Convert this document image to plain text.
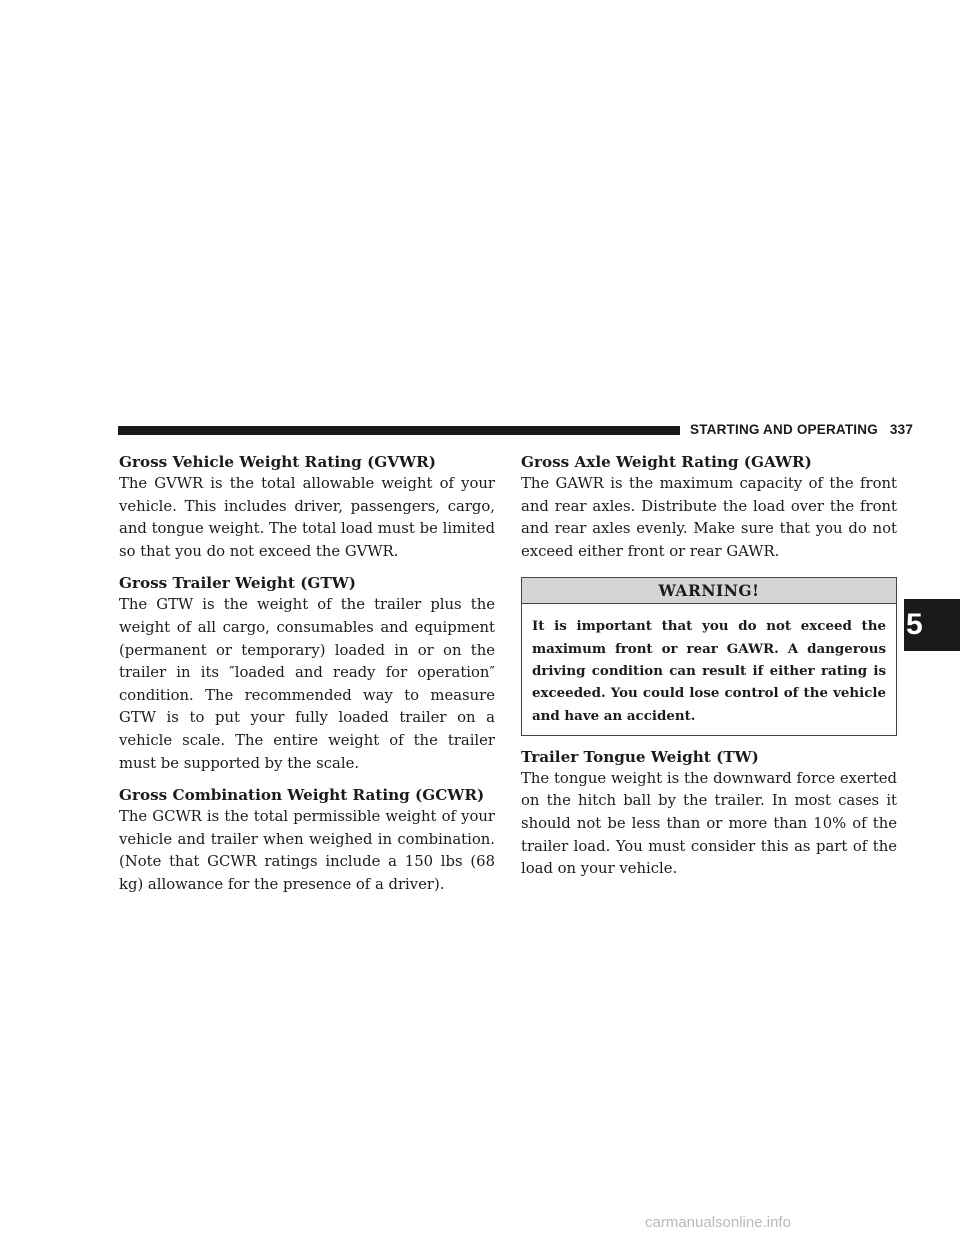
STARTING AND OPERATING 337
Gross Vehicle Weight Rating (GVWR)

The GVWR is the total allowable weight of your vehicle. This includes driver, passengers, cargo, and tongue weight. The total load must be limited so that you do not exceed the GVWR.

Gross Trailer Weight (GTW)

The GTW is the weight of the trailer plus the weight of all cargo, consumables and equipment (permanent or temporary) loaded in or on the trailer in its ″loaded and ready for operation″ condition. The recommended way to measure GTW is to put your fully loaded trailer on a vehicle scale. The entire weight of the trailer must be supported by the scale.

Gross Combination Weight Rating (GCWR)

The GCWR is the total permissible weight of your vehicle and trailer when weighed in combination. (Note that GCWR ratings include a 150 lbs (68 kg) allowance for the presence of a driver).

Gross Axle Weight Rating (GAWR)

The GAWR is the maximum capacity of the front and rear axles. Distribute the load over the front and rear axles evenly. Make sure that you do not exceed either front or rear GAWR.

WARNING!
It is important that you do not exceed the maximum front or rear GAWR. A dangerous driving condition can result if either rating is exceeded. You could lose control of the vehicle and have an accident.
Trailer Tongue Weight (TW)

The tongue weight is the downward force exerted on the hitch ball by the trailer. In most cases it should not be less than or more than 10% of the trailer load. You must consider this as part of the load on your vehicle.

5
carmanualsonline.info
